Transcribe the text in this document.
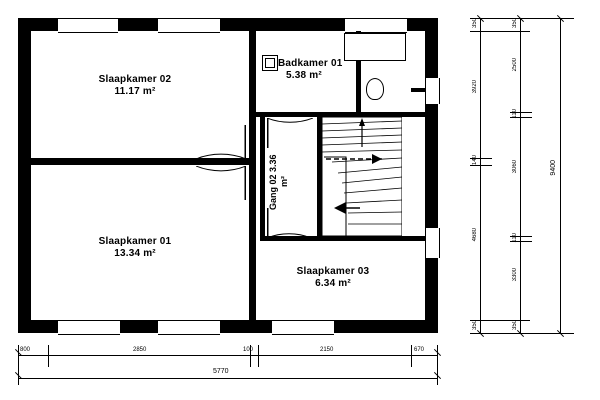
Slaapkamer 02
11.17 m²
Slaapkamer 01
13.34 m²
Badkamer 01
5.38 m²
Slaapkamer 03
6.34 m²
Gang 02 3.36 m²
800	2850	100	2150	670
5770
350
3920
140
4680
350
350
2500
110
3060
110
3300
350
9400
